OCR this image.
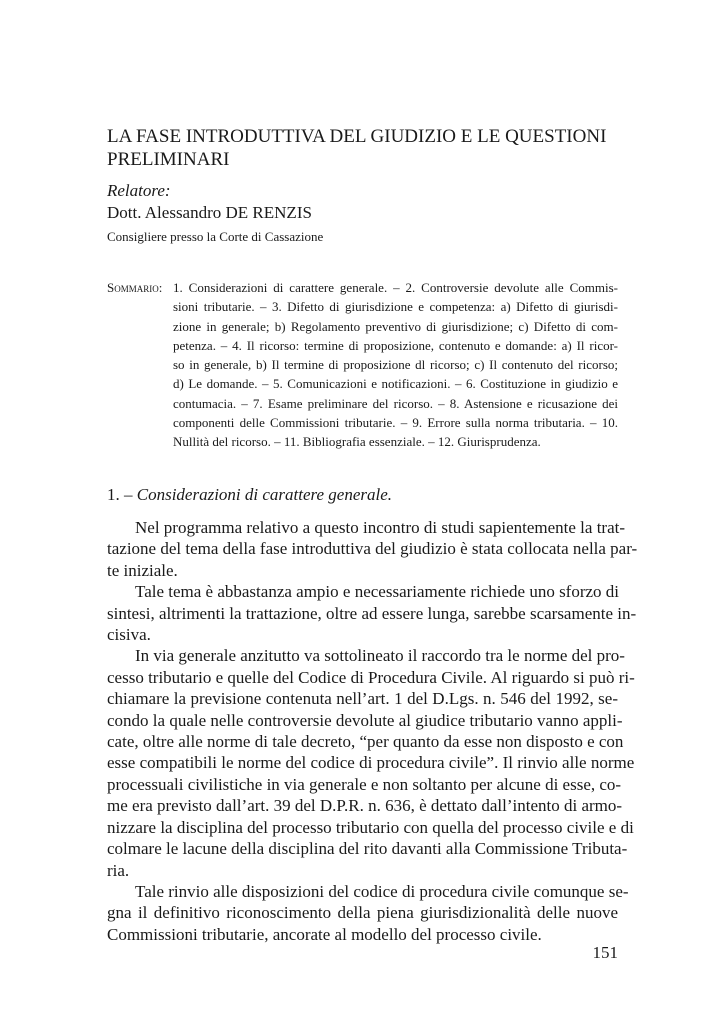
LA FASE INTRODUTTIVA DEL GIUDIZIO E LE QUESTIONI
PRELIMINARI
Relatore:
Dott. Alessandro DE RENZIS
Consigliere presso la Corte di Cassazione
Sommario: 1. Considerazioni di carattere generale. – 2. Controversie devolute alle Commis-
sioni tributarie. – 3. Difetto di giurisdizione e competenza: a) Difetto di giurisdi-
zione in generale; b) Regolamento preventivo di giurisdizione; c) Difetto di com-
petenza. – 4. Il ricorso: termine di proposizione, contenuto e domande: a) Il ricor-
so in generale, b) Il termine di proposizione dl ricorso; c) Il contenuto del ricorso;
d) Le domande. – 5. Comunicazioni e notificazioni. – 6. Costituzione in giudizio e
contumacia. – 7. Esame preliminare del ricorso. – 8. Astensione e ricusazione dei
componenti delle Commissioni tributarie. – 9. Errore sulla norma tributaria. – 10.
Nullità del ricorso. – 11. Bibliografia essenziale. – 12. Giurisprudenza.
1. – Considerazioni di carattere generale.
Nel programma relativo a questo incontro di studi sapientemente la trat-
tazione del tema della fase introduttiva del giudizio è stata collocata nella par-
te iniziale.
Tale tema è abbastanza ampio e necessariamente richiede uno sforzo di
sintesi, altrimenti la trattazione, oltre ad essere lunga, sarebbe scarsamente in-
cisiva.
In via generale anzitutto va sottolineato il raccordo tra le norme del pro-
cesso tributario e quelle del Codice di Procedura Civile. Al riguardo si può ri-
chiamare la previsione contenuta nell’art. 1 del D.Lgs. n. 546 del 1992, se-
condo la quale nelle controversie devolute al giudice tributario vanno appli-
cate, oltre alle norme di tale decreto, “per quanto da esse non disposto e con
esse compatibili le norme del codice di procedura civile”. Il rinvio alle norme
processuali civilistiche in via generale e non soltanto per alcune di esse, co-
me era previsto dall’art. 39 del D.P.R. n. 636, è dettato dall’intento di armo-
nizzare la disciplina del processo tributario con quella del processo civile e di
colmare le lacune della disciplina del rito davanti alla Commissione Tributa-
ria.
Tale rinvio alle disposizioni del codice di procedura civile comunque se-
gna il definitivo riconoscimento della piena giurisdizionalità delle nuove
Commissioni tributarie, ancorate al modello del processo civile.
151
